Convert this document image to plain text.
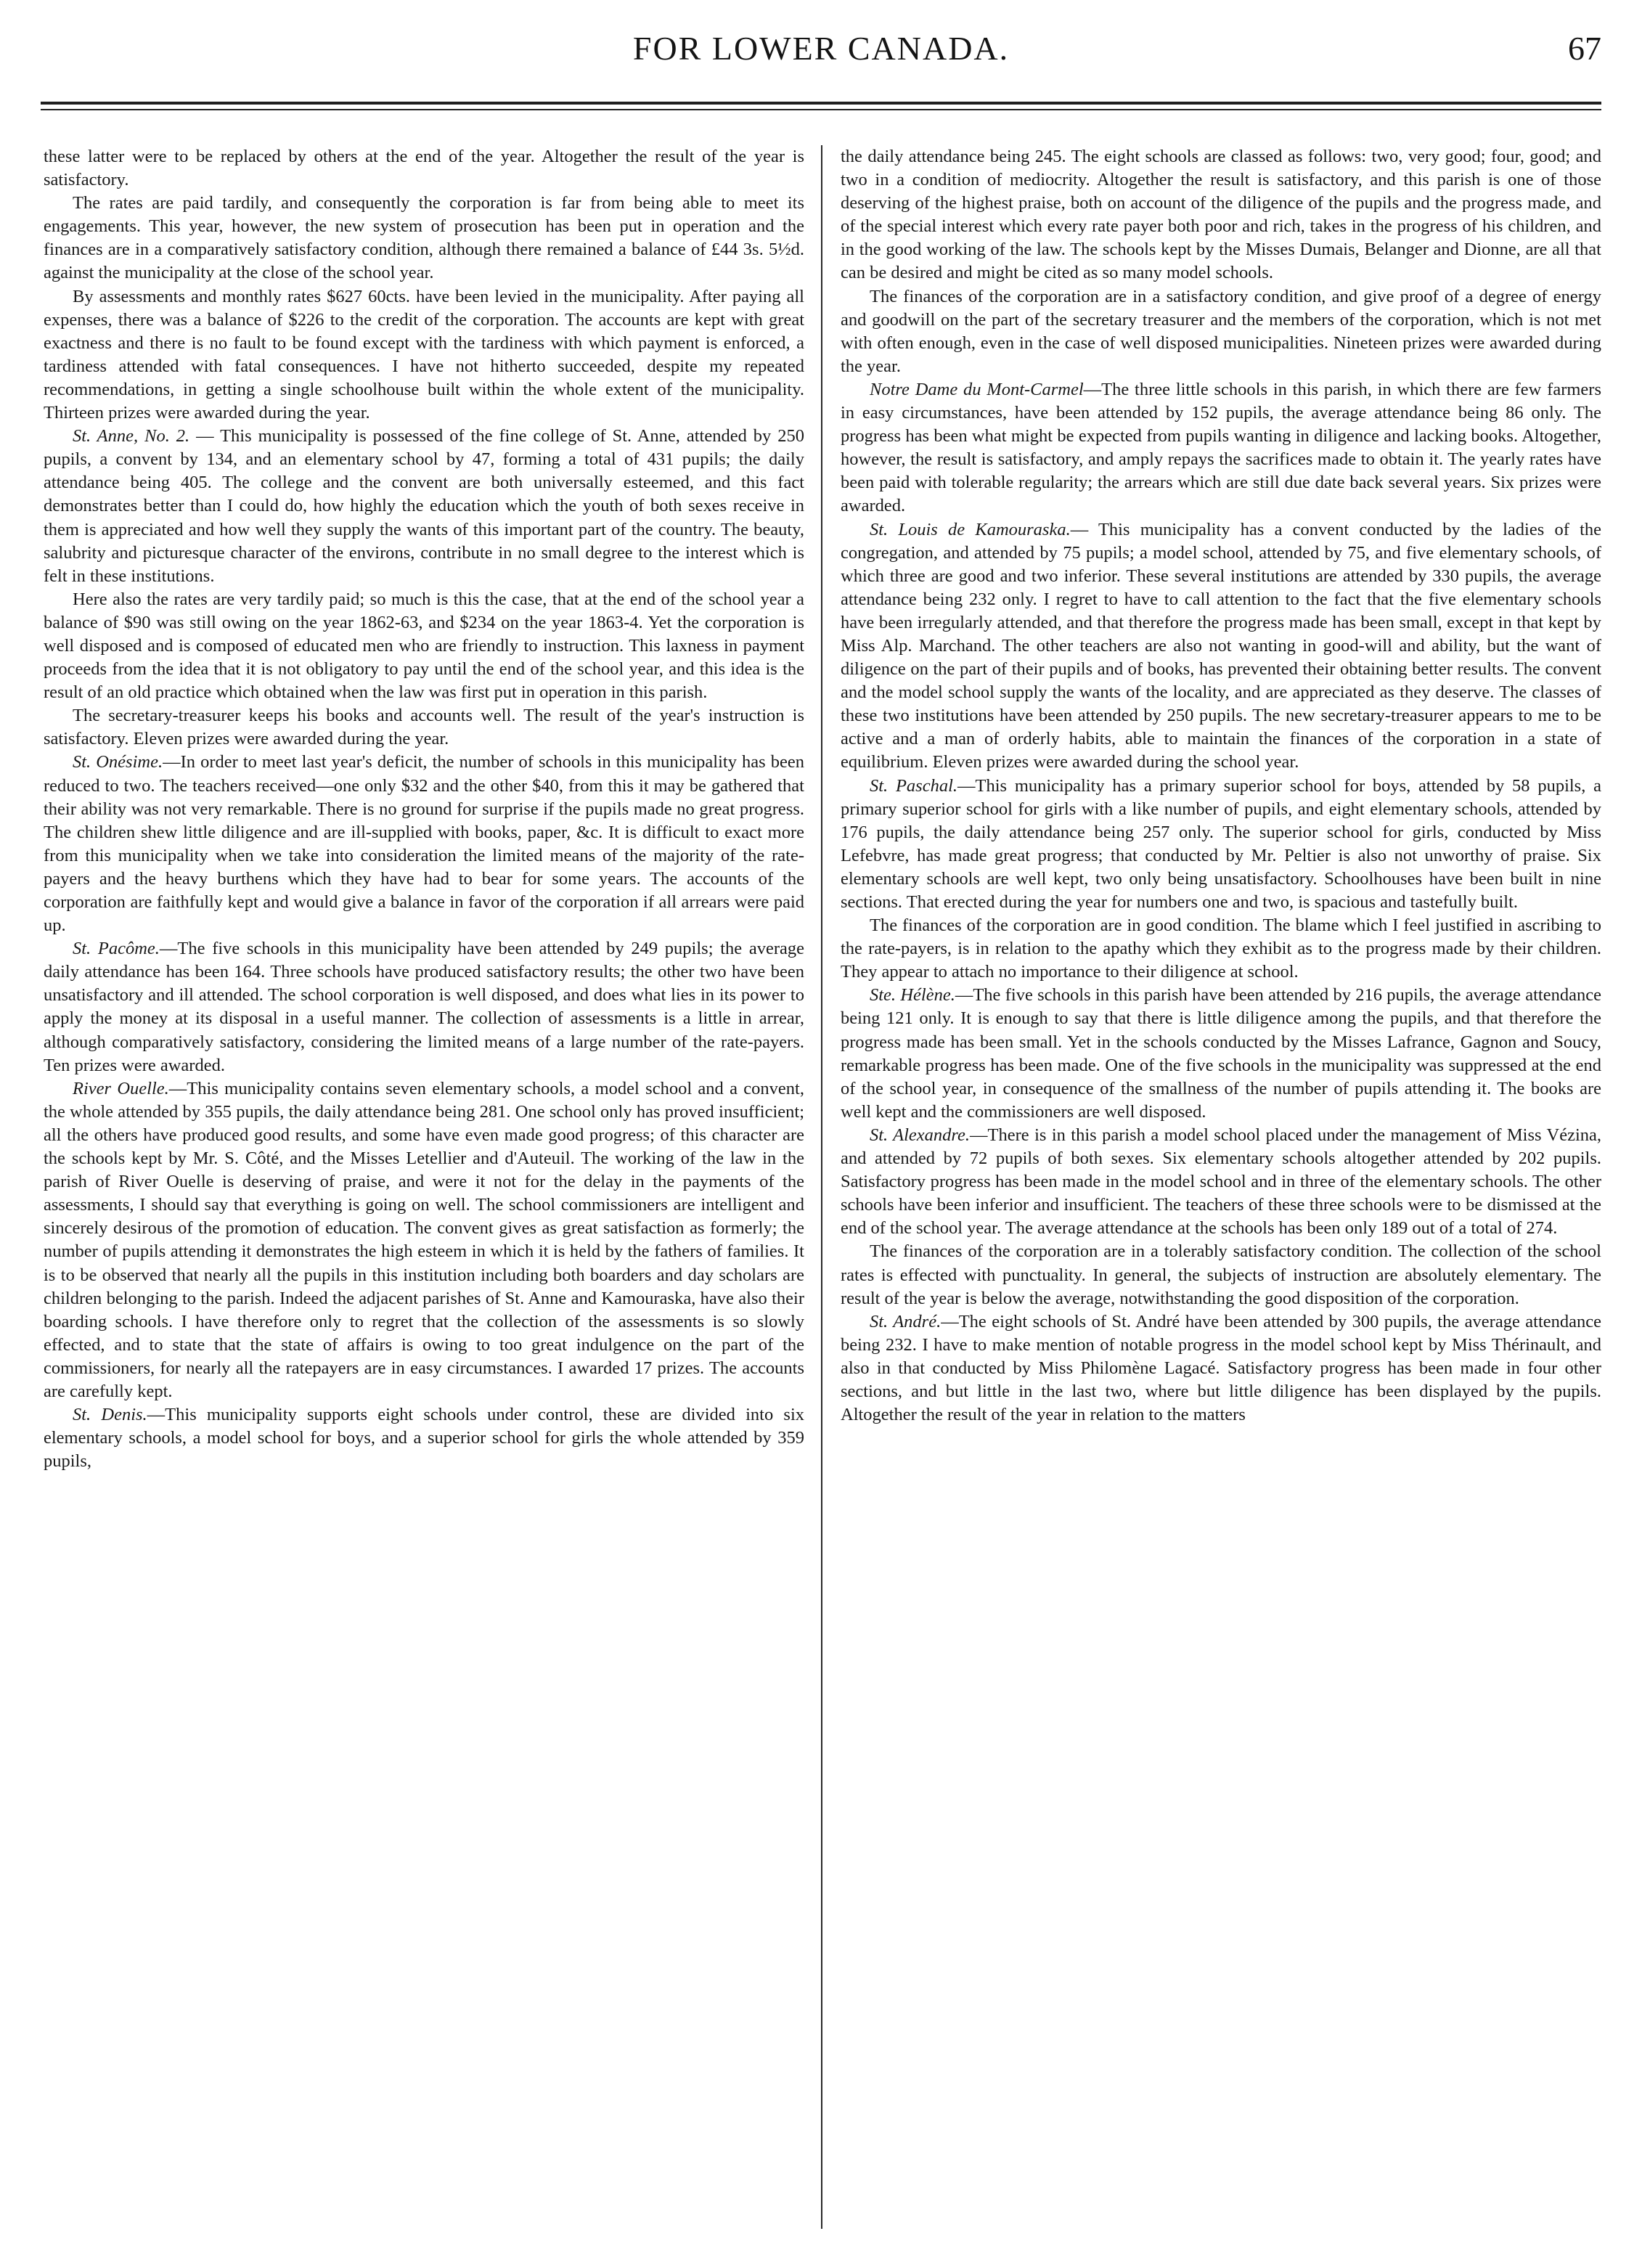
FOR LOWER CANADA.	67

these latter were to be replaced by others at the end of the year. Altogether the result of the year is satisfactory.

The rates are paid tardily, and consequently the corporation is far from being able to meet its engagements. This year, however, the new system of prosecution has been put in operation and the finances are in a comparatively satisfactory condition, although there remained a balance of £44 3s. 5½d. against the municipality at the close of the school year.

By assessments and monthly rates $627 60cts. have been levied in the municipality. After paying all expenses, there was a balance of $226 to the credit of the corporation. The accounts are kept with great exactness and there is no fault to be found except with the tardiness with which payment is enforced, a tardiness attended with fatal consequences. I have not hitherto succeeded, despite my repeated recommendations, in getting a single schoolhouse built within the whole extent of the municipality. Thirteen prizes were awarded during the year.

St. Anne, No. 2. — This municipality is possessed of the fine college of St. Anne, attended by 250 pupils, a convent by 134, and an elementary school by 47, forming a total of 431 pupils; the daily attendance being 405. The college and the convent are both universally esteemed, and this fact demonstrates better than I could do, how highly the education which the youth of both sexes receive in them is appreciated and how well they supply the wants of this important part of the country. The beauty, salubrity and picturesque character of the environs, contribute in no small degree to the interest which is felt in these institutions.

Here also the rates are very tardily paid; so much is this the case, that at the end of the school year a balance of $90 was still owing on the year 1862-63, and $234 on the year 1863-4. Yet the corporation is well disposed and is composed of educated men who are friendly to instruction. This laxness in payment proceeds from the idea that it is not obligatory to pay until the end of the school year, and this idea is the result of an old practice which obtained when the law was first put in operation in this parish.

The secretary-treasurer keeps his books and accounts well. The result of the year's instruction is satisfactory. Eleven prizes were awarded during the year.

St. Onésime.—In order to meet last year's deficit, the number of schools in this municipality has been reduced to two. The teachers received—one only $32 and the other $40, from this it may be gathered that their ability was not very remarkable. There is no ground for surprise if the pupils made no great progress. The children shew little diligence and are ill-supplied with books, paper, &c. It is difficult to exact more from this municipality when we take into consideration the limited means of the majority of the rate-payers and the heavy burthens which they have had to bear for some years. The accounts of the corporation are faithfully kept and would give a balance in favor of the corporation if all arrears were paid up.

St. Pacôme.—The five schools in this municipality have been attended by 249 pupils; the average daily attendance has been 164. Three schools have produced satisfactory results; the other two have been unsatisfactory and ill attended. The school corporation is well disposed, and does what lies in its power to apply the money at its disposal in a useful manner. The collection of assessments is a little in arrear, although comparatively satisfactory, considering the limited means of a large number of the rate-payers. Ten prizes were awarded.

River Ouelle.—This municipality contains seven elementary schools, a model school and a convent, the whole attended by 355 pupils, the daily attendance being 281. One school only has proved insufficient; all the others have produced good results, and some have even made good progress; of this character are the schools kept by Mr. S. Côté, and the Misses Letellier and d'Auteuil. The working of the law in the parish of River Ouelle is deserving of praise, and were it not for the delay in the payments of the assessments, I should say that everything is going on well. The school commissioners are intelligent and sincerely desirous of the promotion of education. The convent gives as great satisfaction as formerly; the number of pupils attending it demonstrates the high esteem in which it is held by the fathers of families. It is to be observed that nearly all the pupils in this institution including both boarders and day scholars are children belonging to the parish. Indeed the adjacent parishes of St. Anne and Kamouraska, have also their boarding schools. I have therefore only to regret that the collection of the assessments is so slowly effected, and to state that the state of affairs is owing to too great indulgence on the part of the commissioners, for nearly all the ratepayers are in easy circumstances. I awarded 17 prizes. The accounts are carefully kept.

St. Denis.—This municipality supports eight schools under control, these are divided into six elementary schools, a model school for boys, and a superior school for girls the whole attended by 359 pupils,

the daily attendance being 245. The eight schools are classed as follows: two, very good; four, good; and two in a condition of mediocrity. Altogether the result is satisfactory, and this parish is one of those deserving of the highest praise, both on account of the diligence of the pupils and the progress made, and of the special interest which every rate payer both poor and rich, takes in the progress of his children, and in the good working of the law. The schools kept by the Misses Dumais, Belanger and Dionne, are all that can be desired and might be cited as so many model schools.

The finances of the corporation are in a satisfactory condition, and give proof of a degree of energy and goodwill on the part of the secretary treasurer and the members of the corporation, which is not met with often enough, even in the case of well disposed municipalities. Nineteen prizes were awarded during the year.

Notre Dame du Mont-Carmel—The three little schools in this parish, in which there are few farmers in easy circumstances, have been attended by 152 pupils, the average attendance being 86 only. The progress has been what might be expected from pupils wanting in diligence and lacking books. Altogether, however, the result is satisfactory, and amply repays the sacrifices made to obtain it. The yearly rates have been paid with tolerable regularity; the arrears which are still due date back several years. Six prizes were awarded.

St. Louis de Kamouraska.— This municipality has a convent conducted by the ladies of the congregation, and attended by 75 pupils; a model school, attended by 75, and five elementary schools, of which three are good and two inferior. These several institutions are attended by 330 pupils, the average attendance being 232 only. I regret to have to call attention to the fact that the five elementary schools have been irregularly attended, and that therefore the progress made has been small, except in that kept by Miss Alp. Marchand. The other teachers are also not wanting in good-will and ability, but the want of diligence on the part of their pupils and of books, has prevented their obtaining better results. The convent and the model school supply the wants of the locality, and are appreciated as they deserve. The classes of these two institutions have been attended by 250 pupils. The new secretary-treasurer appears to me to be active and a man of orderly habits, able to maintain the finances of the corporation in a state of equilibrium. Eleven prizes were awarded during the school year.

St. Paschal.—This municipality has a primary superior school for boys, attended by 58 pupils, a primary superior school for girls with a like number of pupils, and eight elementary schools, attended by 176 pupils, the daily attendance being 257 only. The superior school for girls, conducted by Miss Lefebvre, has made great progress; that conducted by Mr. Peltier is also not unworthy of praise. Six elementary schools are well kept, two only being unsatisfactory. Schoolhouses have been built in nine sections. That erected during the year for numbers one and two, is spacious and tastefully built.

The finances of the corporation are in good condition. The blame which I feel justified in ascribing to the rate-payers, is in relation to the apathy which they exhibit as to the progress made by their children. They appear to attach no importance to their diligence at school.

Ste. Hélène.—The five schools in this parish have been attended by 216 pupils, the average attendance being 121 only. It is enough to say that there is little diligence among the pupils, and that therefore the progress made has been small. Yet in the schools conducted by the Misses Lafrance, Gagnon and Soucy, remarkable progress has been made. One of the five schools in the municipality was suppressed at the end of the school year, in consequence of the smallness of the number of pupils attending it. The books are well kept and the commissioners are well disposed.

St. Alexandre.—There is in this parish a model school placed under the management of Miss Vézina, and attended by 72 pupils of both sexes. Six elementary schools altogether attended by 202 pupils. Satisfactory progress has been made in the model school and in three of the elementary schools. The other schools have been inferior and insufficient. The teachers of these three schools were to be dismissed at the end of the school year. The average attendance at the schools has been only 189 out of a total of 274.

The finances of the corporation are in a tolerably satisfactory condition. The collection of the school rates is effected with punctuality. In general, the subjects of instruction are absolutely elementary. The result of the year is below the average, notwithstanding the good disposition of the corporation.

St. André.—The eight schools of St. André have been attended by 300 pupils, the average attendance being 232. I have to make mention of notable progress in the model school kept by Miss Thérinault, and also in that conducted by Miss Philomène Lagacé. Satisfactory progress has been made in four other sections, and but little in the last two, where but little diligence has been displayed by the pupils. Altogether the result of the year in relation to the matters
